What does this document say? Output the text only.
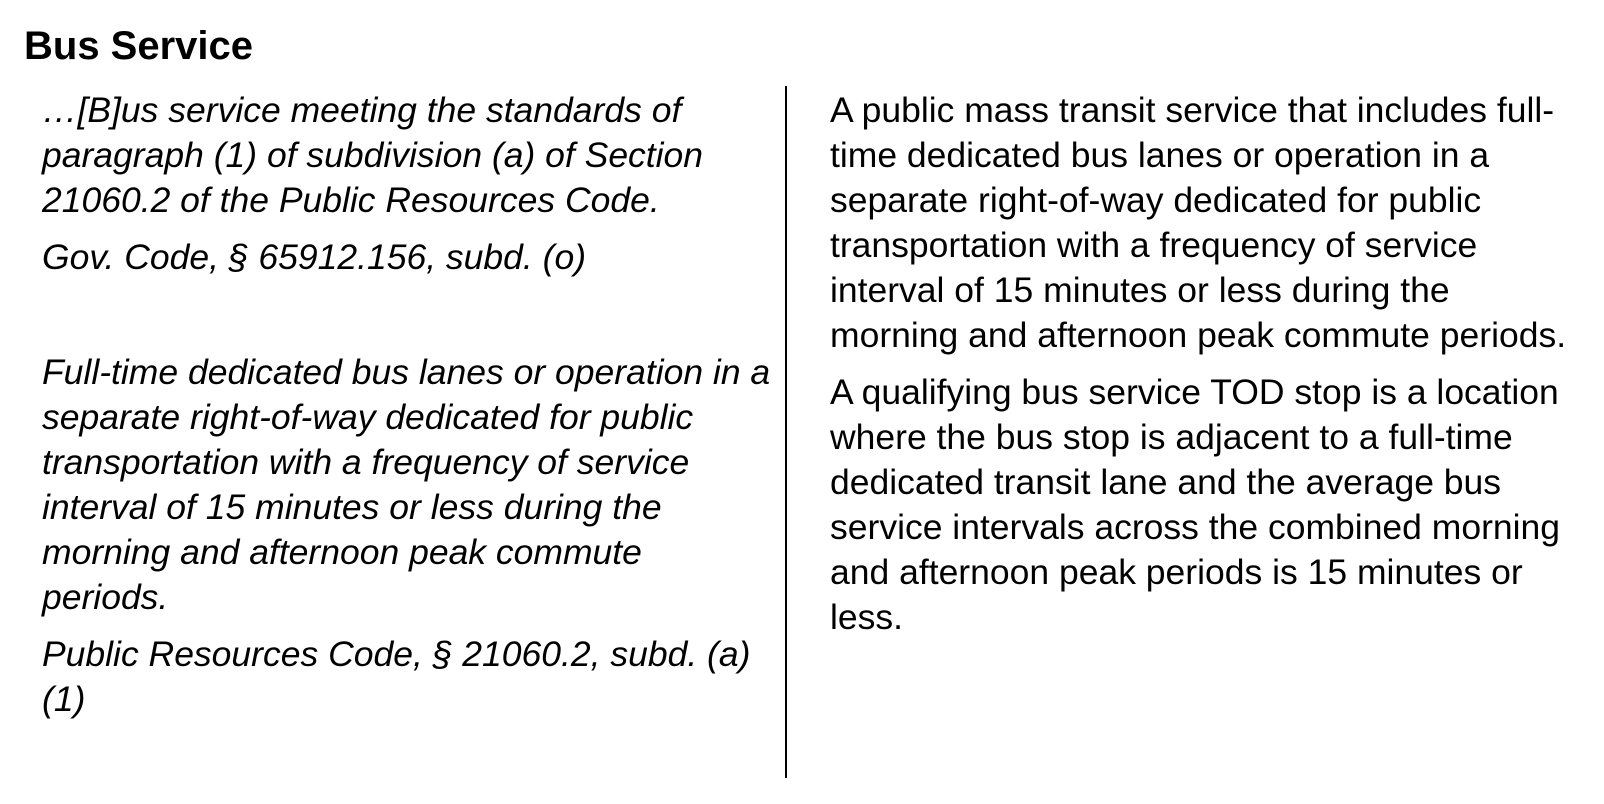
Bus Service

…[B]us service meeting the standards of paragraph (1) of subdivision (a) of Section 21060.2 of the Public Resources Code.

Gov. Code, § 65912.156, subd. (o)

Full-time dedicated bus lanes or operation in a separate right-of-way dedicated for public transportation with a frequency of service interval of 15 minutes or less during the morning and afternoon peak commute periods.

Public Resources Code, § 21060.2, subd. (a)(1)

A public mass transit service that includes full-time dedicated bus lanes or operation in a separate right-of-way dedicated for public transportation with a frequency of service interval of 15 minutes or less during the morning and afternoon peak commute periods.

A qualifying bus service TOD stop is a location where the bus stop is adjacent to a full-time dedicated transit lane and the average bus service intervals across the combined morning and afternoon peak periods is 15 minutes or less.
